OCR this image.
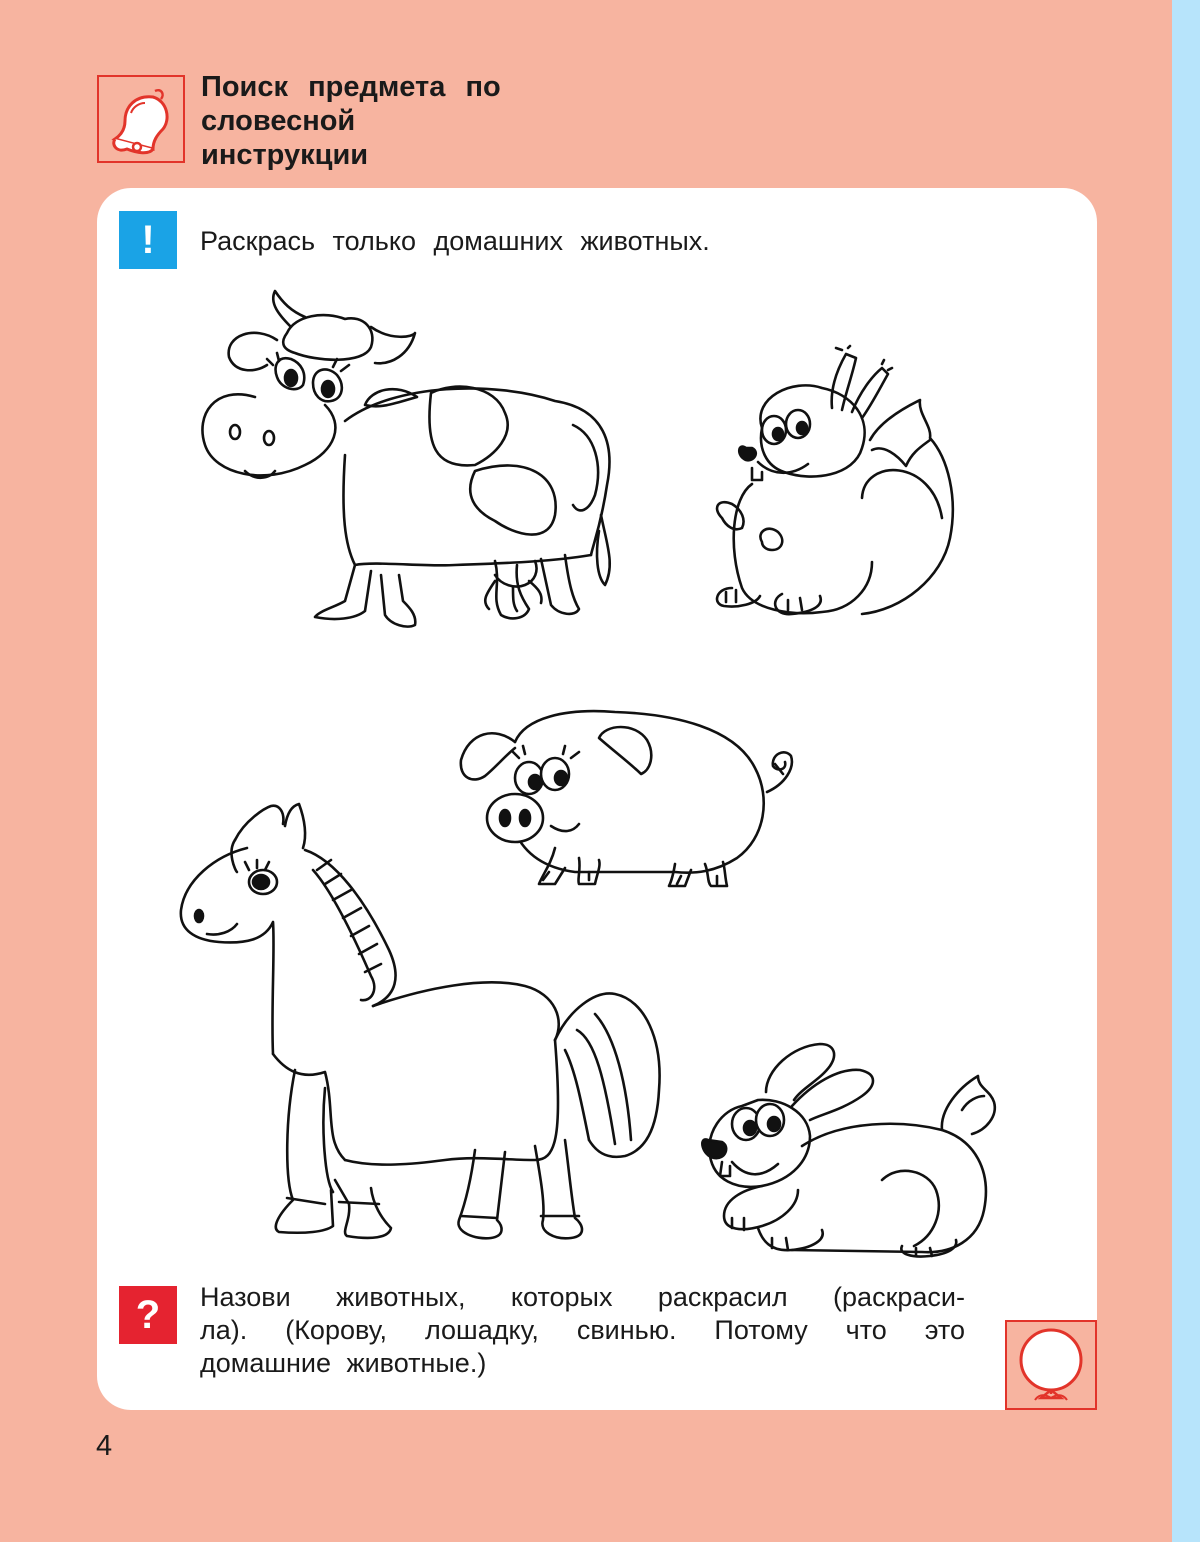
Поиск предмета по словесной инструкции
!	Раскрась только домашних животных.

?	Назови животных, которых раскрасил (раскраси-
ла). (Корову, лошадку, свинью. Потому что это
домашние животные.)

4
